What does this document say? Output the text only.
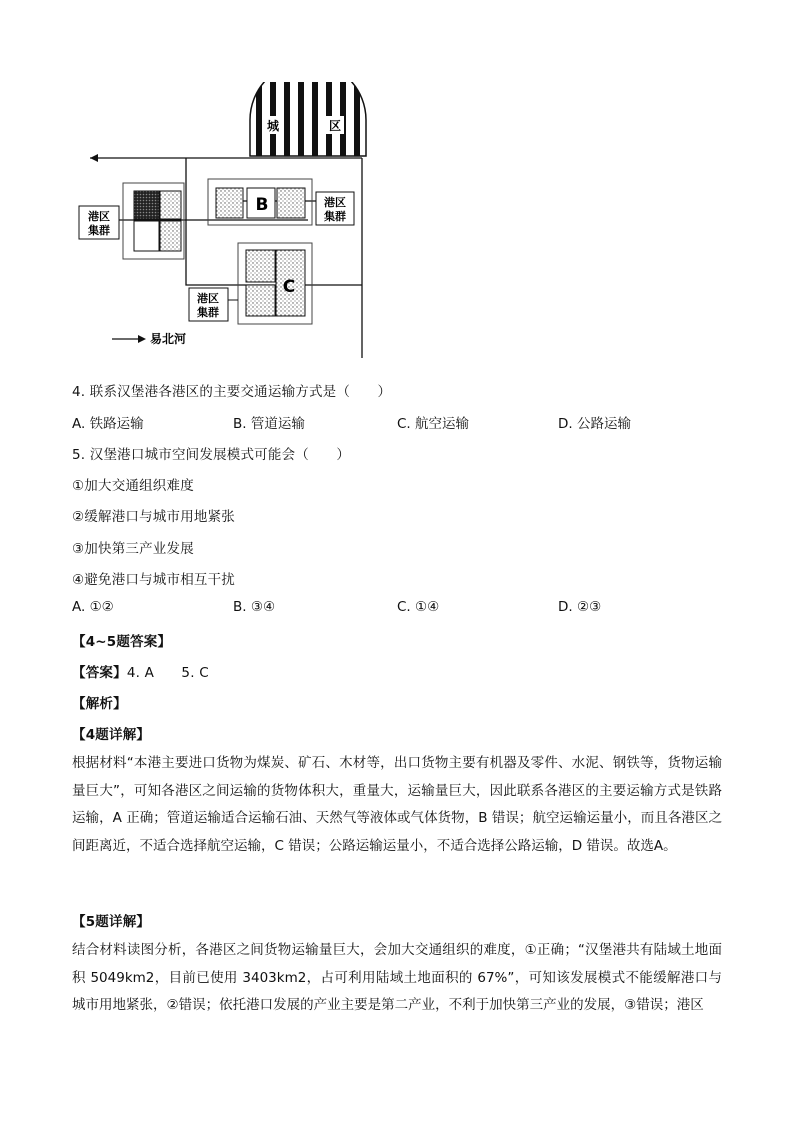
城	区
B
C
港区
集群
港区
集群
港区
集群
易北河
4. 联系汉堡港各港区的主要交通运输方式是（　　）
A. 铁路运输	B. 管道运输	C. 航空运输	D. 公路运输
5. 汉堡港口城市空间发展模式可能会（　　）
①加大交通组织难度
②缓解港口与城市用地紧张
③加快第三产业发展
④避免港口与城市相互干扰
A. ①②	B. ③④	C. ①④	D. ②③
【4~5题答案】
【答案】4. A　　5. C
【解析】
【4题详解】
根据材料“本港主要进口货物为煤炭、矿石、木材等，出口货物主要有机器及零件、水泥、钢铁等，货物运输量巨大”，可知各港区之间运输的货物体积大，重量大，运输量巨大，因此联系各港区的主要运输方式是铁路运输，A 正确；管道运输适合运输石油、天然气等液体或气体货物，B 错误；航空运输运量小，而且各港区之间距离近，不适合选择航空运输，C 错误；公路运输运量小，不适合选择公路运输，D 错误。故选A。
【5题详解】
结合材料读图分析，各港区之间货物运输量巨大，会加大交通组织的难度，①正确；“汉堡港共有陆域土地面积 5049km2，目前已使用 3403km2，占可利用陆域土地面积的 67%”，可知该发展模式不能缓解港口与城市用地紧张，②错误；依托港口发展的产业主要是第二产业，不利于加快第三产业的发展，③错误；港区
